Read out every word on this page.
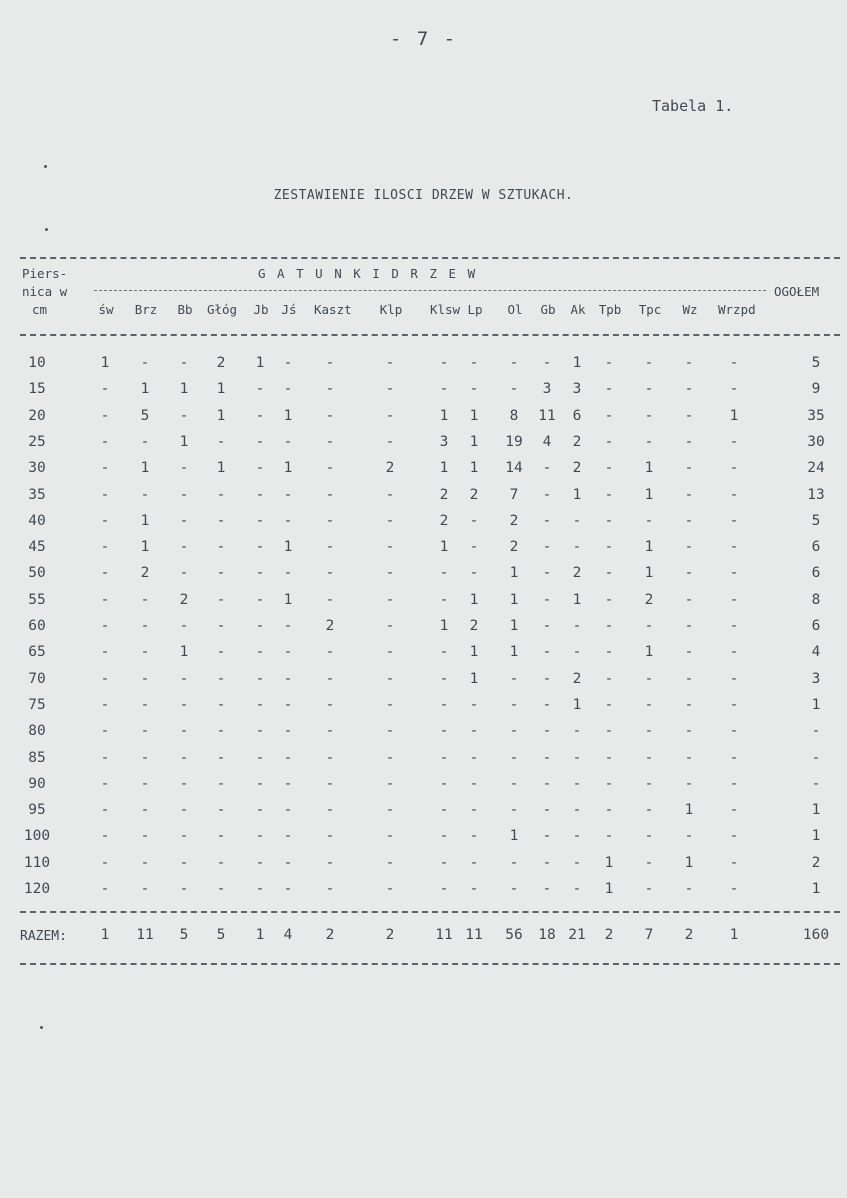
- 7 -
Tabela 1.
ZESTAWIENIE ILOSCI DRZEW W SZTUKACH.
Piers-
nica w
cm
G A T U N K I D R Z E W
OGOŁEM
św	Brz	Bb	Głóg	Jb	Jś	Kaszt	Klp	Klsw Lp	Ol	Gb	Ak	Tpb	Tpc	Wz	Wrzpd
10	1	-	-	2	1	-	-	-	-	-	-	-	1	-	-	-	-	5
15	-	1	1	1	-	-	-	-	-	-	-	3	3	-	-	-	-	9
20	-	5	-	1	-	1	-	-	1	1	8	11	6	-	-	-	1	35
25	-	-	1	-	-	-	-	-	3	1	19	4	2	-	-	-	-	30
30	-	1	-	1	-	1	-	2	1	1	14	-	2	-	1	-	-	24
35	-	-	-	-	-	-	-	-	2	2	7	-	1	-	1	-	-	13
40	-	1	-	-	-	-	-	-	2	-	2	-	-	-	-	-	-	5
45	-	1	-	-	-	1	-	-	1	-	2	-	-	-	1	-	-	6
50	-	2	-	-	-	-	-	-	-	-	1	-	2	-	1	-	-	6
55	-	-	2	-	-	1	-	-	-	1	1	-	1	-	2	-	-	8
60	-	-	-	-	-	-	2	-	1	2	1	-	-	-	-	-	-	6
65	-	-	1	-	-	-	-	-	-	1	1	-	-	-	1	-	-	4
70	-	-	-	-	-	-	-	-	-	1	-	-	2	-	-	-	-	3
75	-	-	-	-	-	-	-	-	-	-	-	-	1	-	-	-	-	1
80	-	-	-	-	-	-	-	-	-	-	-	-	-	-	-	-	-	-
85	-	-	-	-	-	-	-	-	-	-	-	-	-	-	-	-	-	-
90	-	-	-	-	-	-	-	-	-	-	-	-	-	-	-	-	-	-
95	-	-	-	-	-	-	-	-	-	-	-	-	-	-	-	1	-	1
100	-	-	-	-	-	-	-	-	-	-	1	-	-	-	-	-	-	1
110	-	-	-	-	-	-	-	-	-	-	-	-	-	1	-	1	-	2
120	-	-	-	-	-	-	-	-	-	-	-	-	-	1	-	-	-	1
RAZEM:	1	11	5	5	1	4	2	2	11 11	56	18 21	2	7	2	1	160
